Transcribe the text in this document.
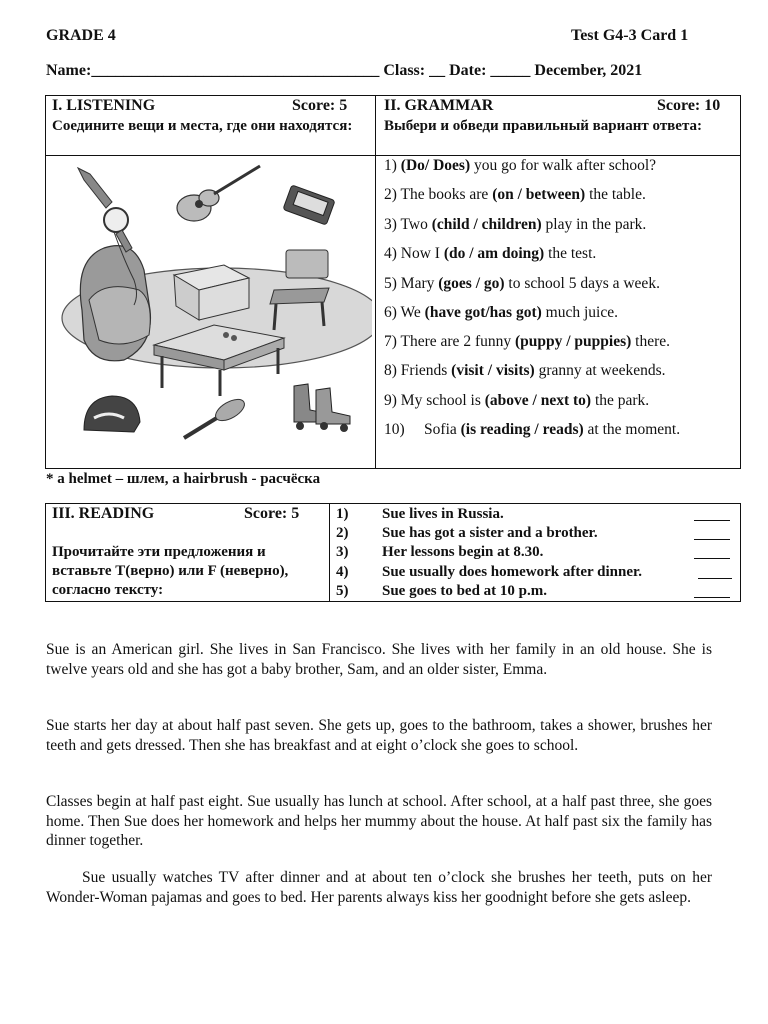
GRADE 4	Test G4-3 Card 1
Name:____________________________________ Class: __ Date: _____ December, 2021
I. LISTENING	Score: 5
Соедините вещи и места, где они находятся:
II. GRAMMAR	Score: 10
Выбери и обведи правильный вариант ответа:
1) (Do/ Does) you go for walk after school?
2) The books are (on / between) the table.
3) Two (child / children) play in the park.
4) Now I (do / am doing) the test.
5) Mary (goes / go) to school 5 days a week.
6) We (have got/has got) much juice.
7) There are 2 funny (puppy / puppies) there.
8) Friends (visit / visits) granny at weekends.
9) My school is (above / next to) the park.
10)     Sofia (is reading / reads) at the moment.
* a helmet – шлем, a hairbrush - расчёска
III. READING	Score: 5
Прочитайте эти предложения и вставьте T(верно) или F (неверно), согласно тексту:
1) Sue lives in Russia.
2) Sue has got a sister and a brother.
3) Her lessons begin at 8.30.
4) Sue usually does homework after dinner.
5) Sue goes to bed at 10 p.m.
Sue is an American girl. She lives in San Francisco. She lives with her family in an old house. She is twelve years old and she has got a baby brother, Sam, and an older sister, Emma.
Sue starts her day at about half past seven. She gets up, goes to the bathroom, takes a shower, brushes her teeth and gets dressed. Then she has breakfast and at eight o’clock she goes to school.
Classes begin at half past eight. Sue usually has lunch at school. After school, at a half past three, she goes home. Then Sue does her homework and helps her mummy about the house. At half past six the family has dinner together.
Sue usually watches TV after dinner and at about ten o’clock she brushes her teeth, puts on her Wonder-Woman pajamas and goes to bed. Her parents always kiss her goodnight before she gets asleep.
